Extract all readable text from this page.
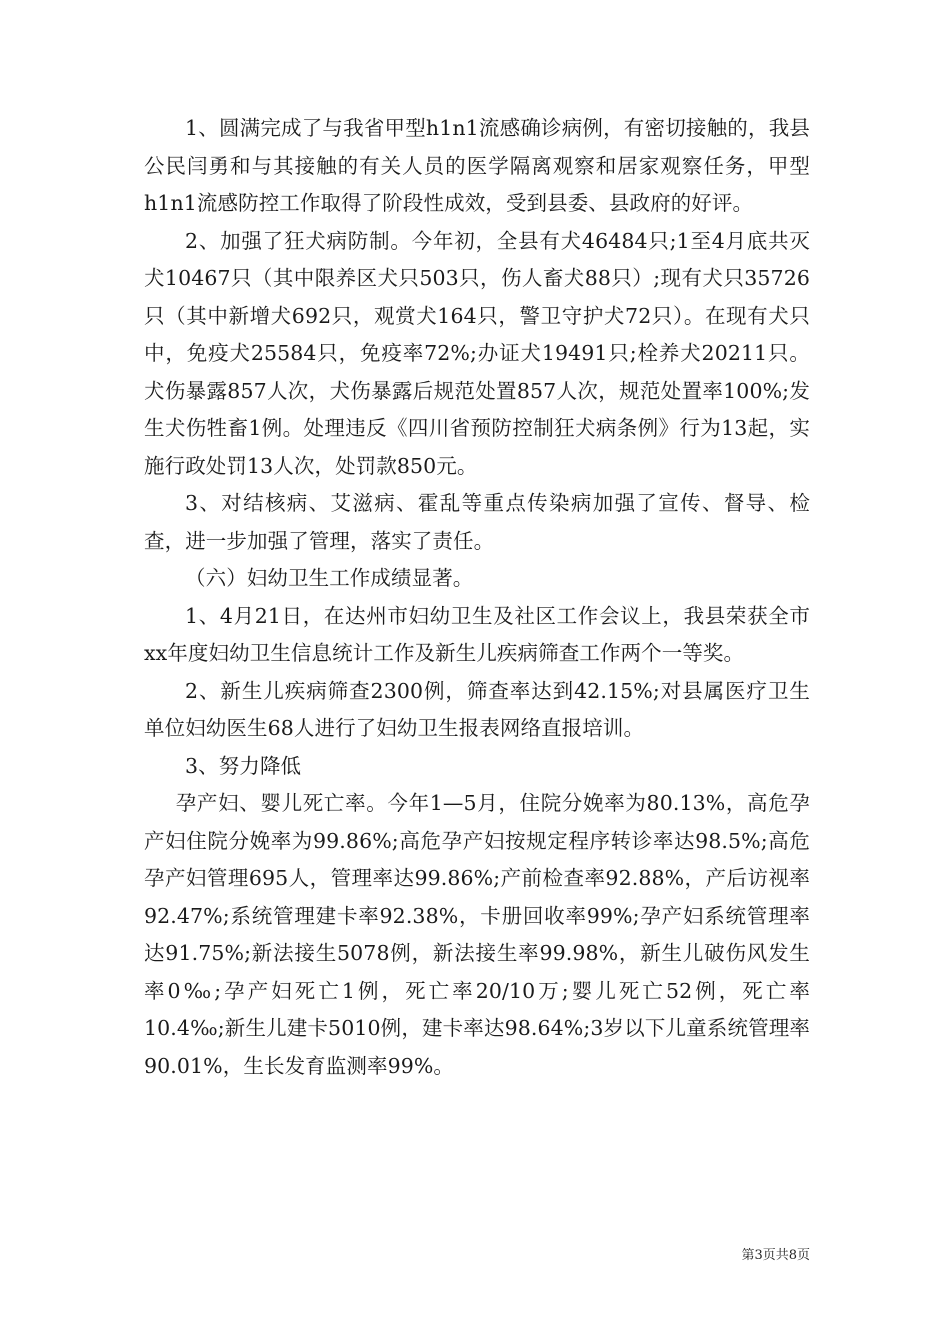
1、圆满完成了与我省甲型h1n1流感确诊病例，有密切接触的，我县公民闫勇和与其接触的有关人员的医学隔离观察和居家观察任务，甲型h1n1流感防控工作取得了阶段性成效，受到县委、县政府的好评。

2、加强了狂犬病防制。今年初，全县有犬46484只;1至4月底共灭犬10467只（其中限养区犬只503只，伤人畜犬88只）;现有犬只35726只（其中新增犬692只，观赏犬164只，警卫守护犬72只）。在现有犬只中，免疫犬25584只，免疫率72%;办证犬19491只;栓养犬20211只。犬伤暴露857人次，犬伤暴露后规范处置857人次，规范处置率100%;发生犬伤牲畜1例。处理违反《四川省预防控制狂犬病条例》行为13起，实施行政处罚13人次，处罚款850元。

3、对结核病、艾滋病、霍乱等重点传染病加强了宣传、督导、检查，进一步加强了管理，落实了责任。

（六）妇幼卫生工作成绩显著。

1、4月21日，在达州市妇幼卫生及社区工作会议上，我县荣获全市xx年度妇幼卫生信息统计工作及新生儿疾病筛查工作两个一等奖。

2、新生儿疾病筛查2300例，筛查率达到42.15%;对县属医疗卫生单位妇幼医生68人进行了妇幼卫生报表网络直报培训。

3、努力降低

孕产妇、婴儿死亡率。今年1—5月，住院分娩率为80.13%，高危孕产妇住院分娩率为99.86%;高危孕产妇按规定程序转诊率达98.5%;高危孕产妇管理695人，管理率达99.86%;产前检查率92.88%，产后访视率92.47%;系统管理建卡率92.38%，卡册回收率99%;孕产妇系统管理率达91.75%;新法接生5078例，新法接生率99.98%，新生儿破伤风发生率0‰;孕产妇死亡1例，死亡率20/10万;婴儿死亡52例，死亡率10.4‰;新生儿建卡5010例，建卡率达98.64%;3岁以下儿童系统管理率90.01%，生长发育监测率99%。

第3页共8页
